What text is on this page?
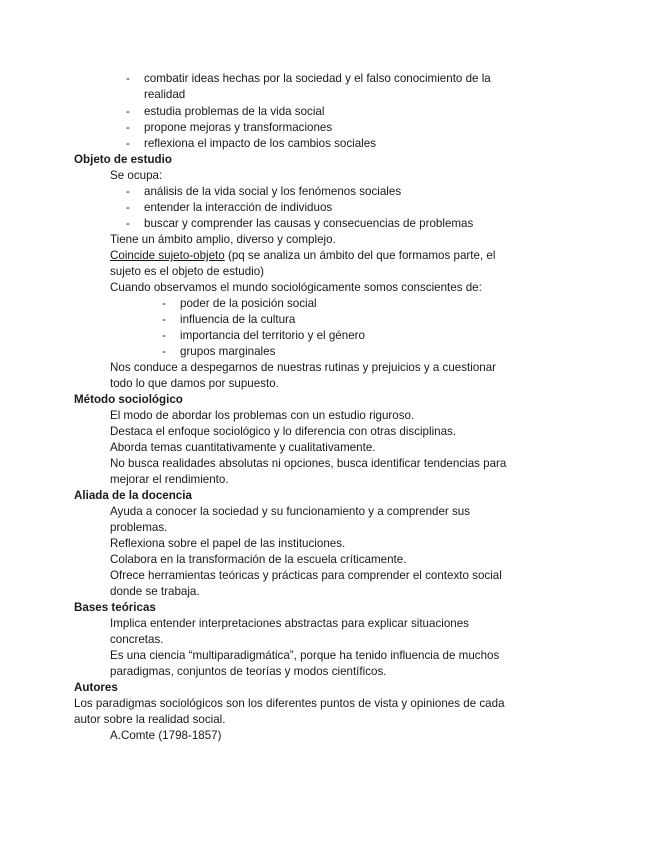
- combatir ideas hechas por la sociedad y el falso conocimiento de la
realidad
- estudia problemas de la vida social
- propone mejoras y transformaciones
- reflexiona el impacto de los cambios sociales
Objeto de estudio
Se ocupa:
- análisis de la vida social y los fenómenos sociales
- entender la interacción de individuos
- buscar y comprender las causas y consecuencias de problemas
Tiene un ámbito amplio, diverso y complejo.
Coincide sujeto-objeto (pq se analiza un ámbito del que formamos parte, el
sujeto es el objeto de estudio)
Cuando observamos el mundo sociológicamente somos conscientes de:
- poder de la posición social
- influencia de la cultura
- importancia del territorio y el género
- grupos marginales
Nos conduce a despegarnos de nuestras rutinas y prejuicios y a cuestionar
todo lo que damos por supuesto.
Método sociológico
El modo de abordar los problemas con un estudio riguroso.
Destaca el enfoque sociológico y lo diferencia con otras disciplinas.
Aborda temas cuantitativamente y cualitativamente.
No busca realidades absolutas ni opciones, busca identificar tendencias para
mejorar el rendimiento.
Aliada de la docencia
Ayuda a conocer la sociedad y su funcionamiento y a comprender sus
problemas.
Reflexiona sobre el papel de las instituciones.
Colabora en la transformación de la escuela críticamente.
Ofrece herramientas teóricas y prácticas para comprender el contexto social
donde se trabaja.
Bases teóricas
Implica entender interpretaciones abstractas para explicar situaciones
concretas.
Es una ciencia “multiparadigmática”, porque ha tenido influencia de muchos
paradigmas, conjuntos de teorías y modos científicos.
Autores
Los paradigmas sociológicos son los diferentes puntos de vista y opiniones de cada
autor sobre la realidad social.
A.Comte (1798-1857)
